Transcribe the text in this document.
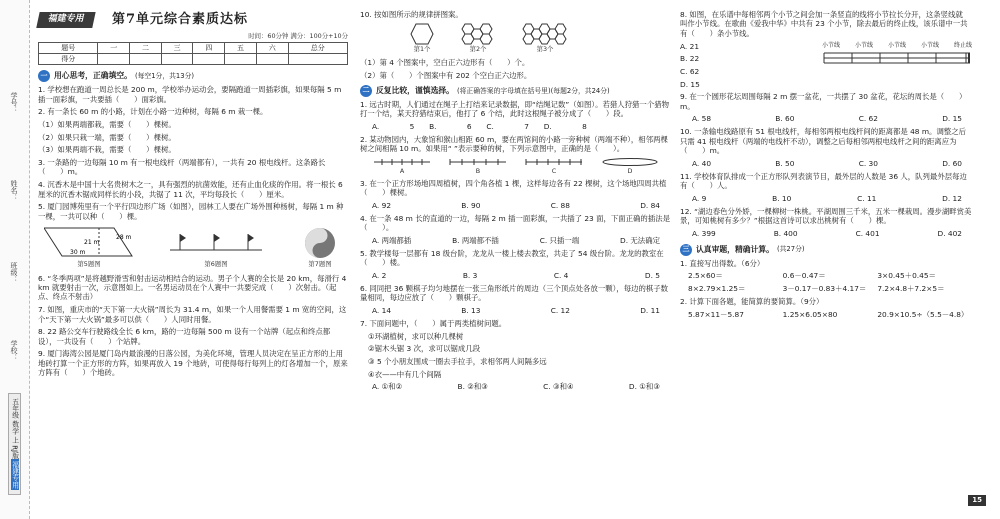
学号：
姓名：
班级：
学校：
五年级 数学 上 RJ版福建专用
福建专用	第7单元综合素质达标
时间：60分钟 满分：100分+10分
题号	一	二	三	四	五	六	总分
得分							
一 用心思考，正确填空。 (每空1分，共13分)

1. 学校想在跑道一周总长是 200 m，学校举办运动会，要隔跑道一周插彩旗，如果每隔 5 m 插一面彩旗，一共要插（　　）面彩旗。

2. 有一条长 60 m 的小路，计划在小路一边种树，每隔 6 m 栽一棵。

（1）如果两端都栽，需要（　　）棵树。

（2）如果只栽一端，需要（　　）棵树。

（3）如果两端不栽，需要（　　）棵树。

3. 一条路的一边每隔 10 m 有一根电线杆（两端都有），一共有 20 根电线杆。这条路长（　　）m。

4. 沉香木是中国十大名贵树木之一，具有强烈的抗菌效能，还有止血化痰的作用。将一根长 6 厘米的沉香木锯成同样长的小段，共锯了 11 次，平均每段长（　　）厘米。

5. 厦门园博苑里有一个平行四边形广场（如图），园林工人要在广场外围种杨树，每隔 1 m 种一棵，一共可以种（　　）棵。

21 m
28 m
30 m
第5题图	第6题图	第7题图

6. “冬季两项”是将越野滑雪和射击运动相结合的运动。男子个人赛的全长是 20 km，每滑行 4 km 就要射击一次，示意图如上。一名男运动员在个人赛中一共要完成（　　）次射击。（起点、终点不射击）

7. 如图，重庆市的“天下第一大火锅”周长为 31.4 m，如果一个人用餐需要 1 m 宽的空间，这个“天下第一大火锅”最多可以供（　　）人同时用餐。

8. 22 路公交车行驶路线全长 6 km，路的一边每隔 500 m 设有一个站牌（起点和终点都设），一共设有（　　）个站牌。

9. 厦门海湾公园是厦门岛内最浪漫的日落公园，为美化环境，管理人员决定在呈正方形的上用地砖打算一个正方形的方阵，如果再放入 19 个地砖，可使得每行每列上的灯各增加一个，原来方阵有（　　）个地砖。

10. 按如图所示的规律拼图案。

第1个	第2个	第3个

（1）第 4 个图案中，空白正六边形有（　　）个。

（2）第（　　）个图案中有 202 个空白正六边形。

二 反复比较，谨慎选择。 (将正确答案的字母填在括号里)(每题2分，共24分)

1. 远古时期，人们通过在绳子上打结来记录数据，即“结绳记数”（如图）。若猎人狩猎一个猎物打一个结，某天狩猎结束后，他打了 6 个结，此时这根绳子被分成了（　　）段。

A. 5　　B. 6　　C. 7　　D. 8

2. 某动物园内，大象馆和猴山相距 60 m，要在两馆间的小路一旁种树（两端不种），相邻两棵树之间相隔 10 m。如果用“ ”表示要种的树，下列示意图中，正确的是（　　）。

A	B	C	D

3. 在一个正方形场地四周植树，四个角各植 1 棵，这样每边各有 22 棵树，这个场地四周共植（　　）棵树。

A. 92	B. 90	C. 88	D. 84

4. 在一条 48 m 长的直道的一边，每隔 2 m 插一面彩旗，一共插了 23 面，下面正确的插法是（　　）。

A. 两端都插	B. 两端都不插	C. 只插一端	D. 无法确定

5. 教学楼每一层都有 18 级台阶，龙龙从一楼上楼去教室，共走了 54 级台阶。龙龙的教室在（　　）楼。

A. 2	B. 3	C. 4	D. 5

6. 同同把 36 颗棋子均匀地摆在一张三角形纸片的周边（三个顶点处各放一颗），每边的棋子数量相同，每边应放了（　　）颗棋子。

A. 14	B. 13	C. 12	D. 11

7. 下面问题中，（　　）属于两类植树问题。

①环湖植树，求可以种几棵树

②锯木头锯 3 次，求可以锯成几段

③ 5 个小朋友围成一圈去手拉手，求相邻两人间隔多远

④衣——中有几个间隔

A. ①和②	B. ②和③	C. ③和④	D. ①和③

8. 如图，在乐谱中每相邻两个小节之间会加一条竖直的线将小节拉长分开，这条竖线就叫作小节线。在歌曲《爱我中华》中共有 23 个小节，除去最后的终止线，该乐谱中一共有（　　）条小节线。

A. 21

B. 22

C. 62

D. 15

小节线 小节线 小节线 小节线 终止线

9. 在一个圆形花坛周围每隔 2 m 摆一盆花，一共摆了 30 盆花，花坛的周长是（　　）m。

A. 58	B. 60	C. 62	D. 15

10. 一条输电线路原有 51 根电线杆，每相邻两根电线杆间的距离都是 48 m。调整之后只需 41 根电线杆（两端的电线杆不动），调整之后每相邻两根电线杆之间的距离应为（　　）m。

A. 40	B. 50	C. 30	D. 60

11. 学校体育队排成一个正方形队列表演节目，最外层的人数是 36 人，队列最外层每边有（　　）人。

A. 9	B. 10	C. 11	D. 12

12. “湖边春色分外娇，一棵柳树一株桃。平湖周围三千米，五米一棵栽周。漫步湖畔赏美景，可知桃树有多少？”根据这首诗可以求出桃树有（　　）棵。

A. 399	B. 400	C. 401	D. 402
三 认真审题，精确计算。 (共27分)

1. 直接写出得数。（6分）

2.5×60＝	0.6－0.47＝	3×0.45＋0.45＝
8×2.79×1.25＝	3－0.17－0.83＋4.17＝	7.2×4.8＋7.2×5＝

2. 计算下面各题，能简算的要简算。（9分）

5.87×11－5.87	1.25×6.05×80	20.9×10.5÷（5.5－4.8）
15
